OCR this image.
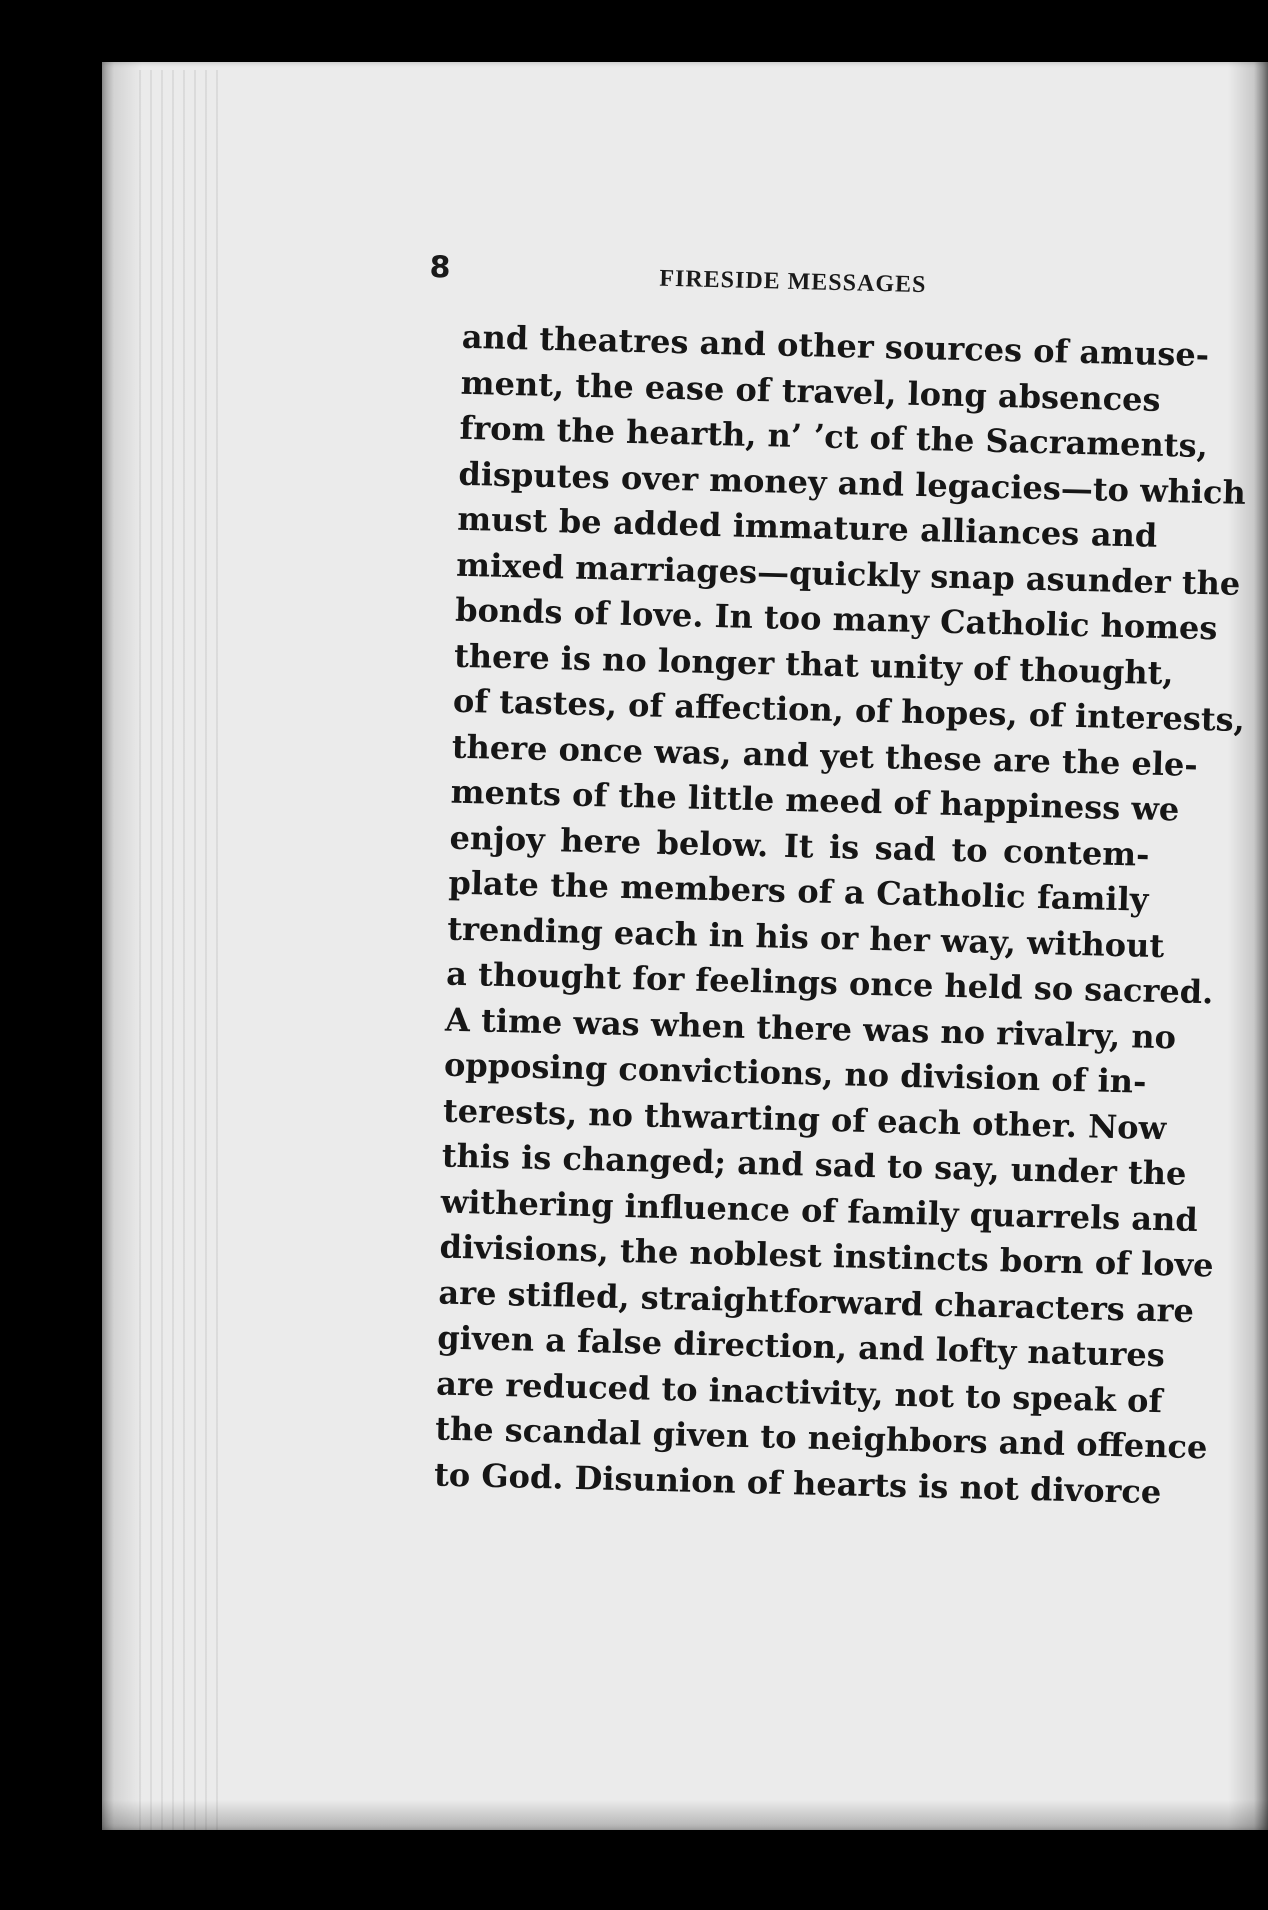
8	FIRESIDE MESSAGES
and theatres and other sources of amuse-
ment, the ease of travel, long absences
from the hearth, n’ ʼct of the Sacraments,
disputes over money and legacies—to which
must be added immature alliances and
mixed marriages—quickly snap asunder the
bonds of love. In too many Catholic homes
there is no longer that unity of thought,
of tastes, of affection, of hopes, of interests,
there once was, and yet these are the ele-
ments of the little meed of happiness we
enjoy here below. It is sad to contem-
plate the members of a Catholic family
trending each in his or her way, without
a thought for feelings once held so sacred.
A time was when there was no rivalry, no
opposing convictions, no division of in-
terests, no thwarting of each other. Now
this is changed; and sad to say, under the
withering influence of family quarrels and
divisions, the noblest instincts born of love
are stifled, straightforward characters are
given a false direction, and lofty natures
are reduced to inactivity, not to speak of
the scandal given to neighbors and offence
to God. Disunion of hearts is not divorce
